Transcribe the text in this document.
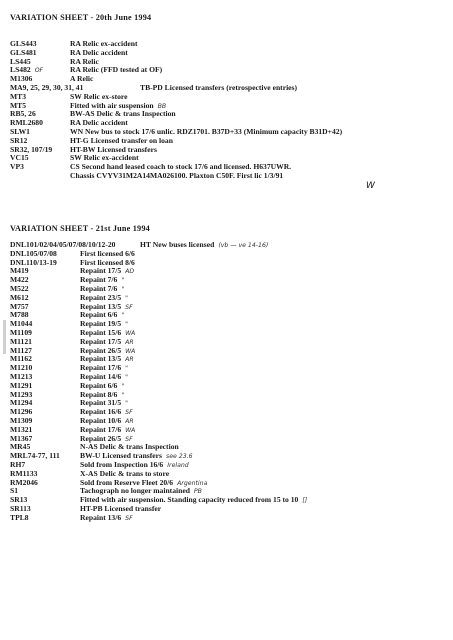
VARIATION SHEET - 20th June 1994
GLS443	RA Relic ex-accident
GLS481	RA Delic accident
LS445	RA Relic
LS482 OF	RA Relic (FFD tested at OF)
M1306	A Relic
MA9, 25, 29, 30, 31, 41	TB-PD Licensed transfers (retrospective entries)
MT3	SW Relic ex-store
MT5	Fitted with air suspension BB
RB5, 26	BW-AS Delic & trans Inspection
RML2680	RA Delic accident
SLW1	WN New bus to stock 17/6 unlic. RDZ1701. B37D+33 (Minimum capacity B31D+42)
SR12	HT-G Licensed transfer on loan
SR32, 107/19 HT-BW Licensed transfers
VC15	SW Relic ex-accident
VP3	CS Second hand leased coach to stock 17/6 and licensed. H637UWR.
Chassis CVYV31M2A14MA026100. Plaxton C50F. First lic 1/3/91
W
VARIATION SHEET - 21st June 1994
DNL101/02/04/05/07/08/10/12-20	HT New buses licensed (vb — ve 14-16)
DNL105/07/08	First licensed 6/6
DNL110/13-19	First licensed 8/6
M419	Repaint 17/5 AD
M422	Repaint 7/6 "
M522	Repaint 7/6 "
M612	Repaint 23/5 "
M757	Repaint 13/5 SF
M788	Repaint 6/6 "
M1044	Repaint 19/5 "
M1109	Repaint 15/6 WA
M1121	Repaint 17/5 AR
M1127	Repaint 26/5 WA
M1162	Repaint 13/5 AR
M1210	Repaint 17/6 "
M1213	Repaint 14/6 "
M1291	Repaint 6/6 "
M1293	Repaint 8/6 "
M1294	Repaint 31/5 "
M1296	Repaint 16/6 SF
M1309	Repaint 10/6 AR
M1321	Repaint 17/6 WA
M1367	Repaint 26/5 SF
MR45	N-AS Delic & trans Inspection
MRL74-77, 111	BW-U Licensed transfers see 23.6
RH7	Sold from Inspection 16/6 Ireland
RM1133	X-AS Delic & trans to store
RM2046	Sold from Reserve Fleet 20/6 Argentina
S1	Tachograph no longer maintained PB
SR13	Fitted with air suspension. Standing capacity reduced from 15 to 10 []
SR113	HT-PB Licensed transfer
TPL8	Repaint 13/6 SF
